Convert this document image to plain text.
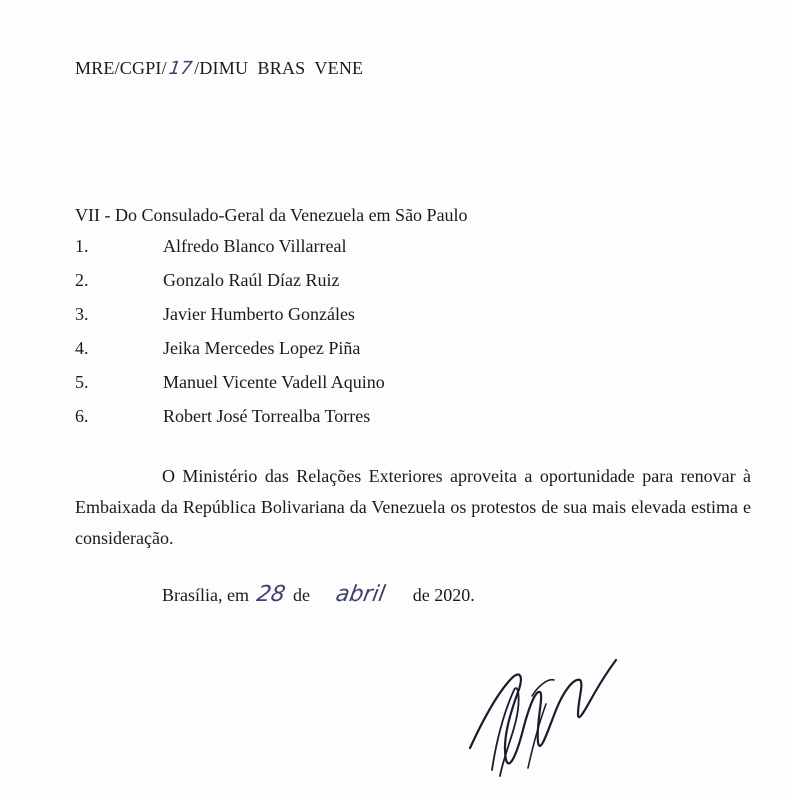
MRE/CGPI/17/DIMU  BRAS  VENE
VII - Do Consulado-Geral da Venezuela em São Paulo
1.	Alfredo Blanco Villarreal
2.	Gonzalo Raúl Díaz Ruiz
3.	Javier Humberto Gonzáles
4.	Jeika Mercedes Lopez Piña
5.	Manuel Vicente Vadell Aquino
6.	Robert José Torrealba Torres
O Ministério das Relações Exteriores aproveita a oportunidade para renovar à Embaixada da República Bolivariana da Venezuela os protestos de sua mais elevada estima e consideração.
Brasília, em 28 de abril de 2020.
